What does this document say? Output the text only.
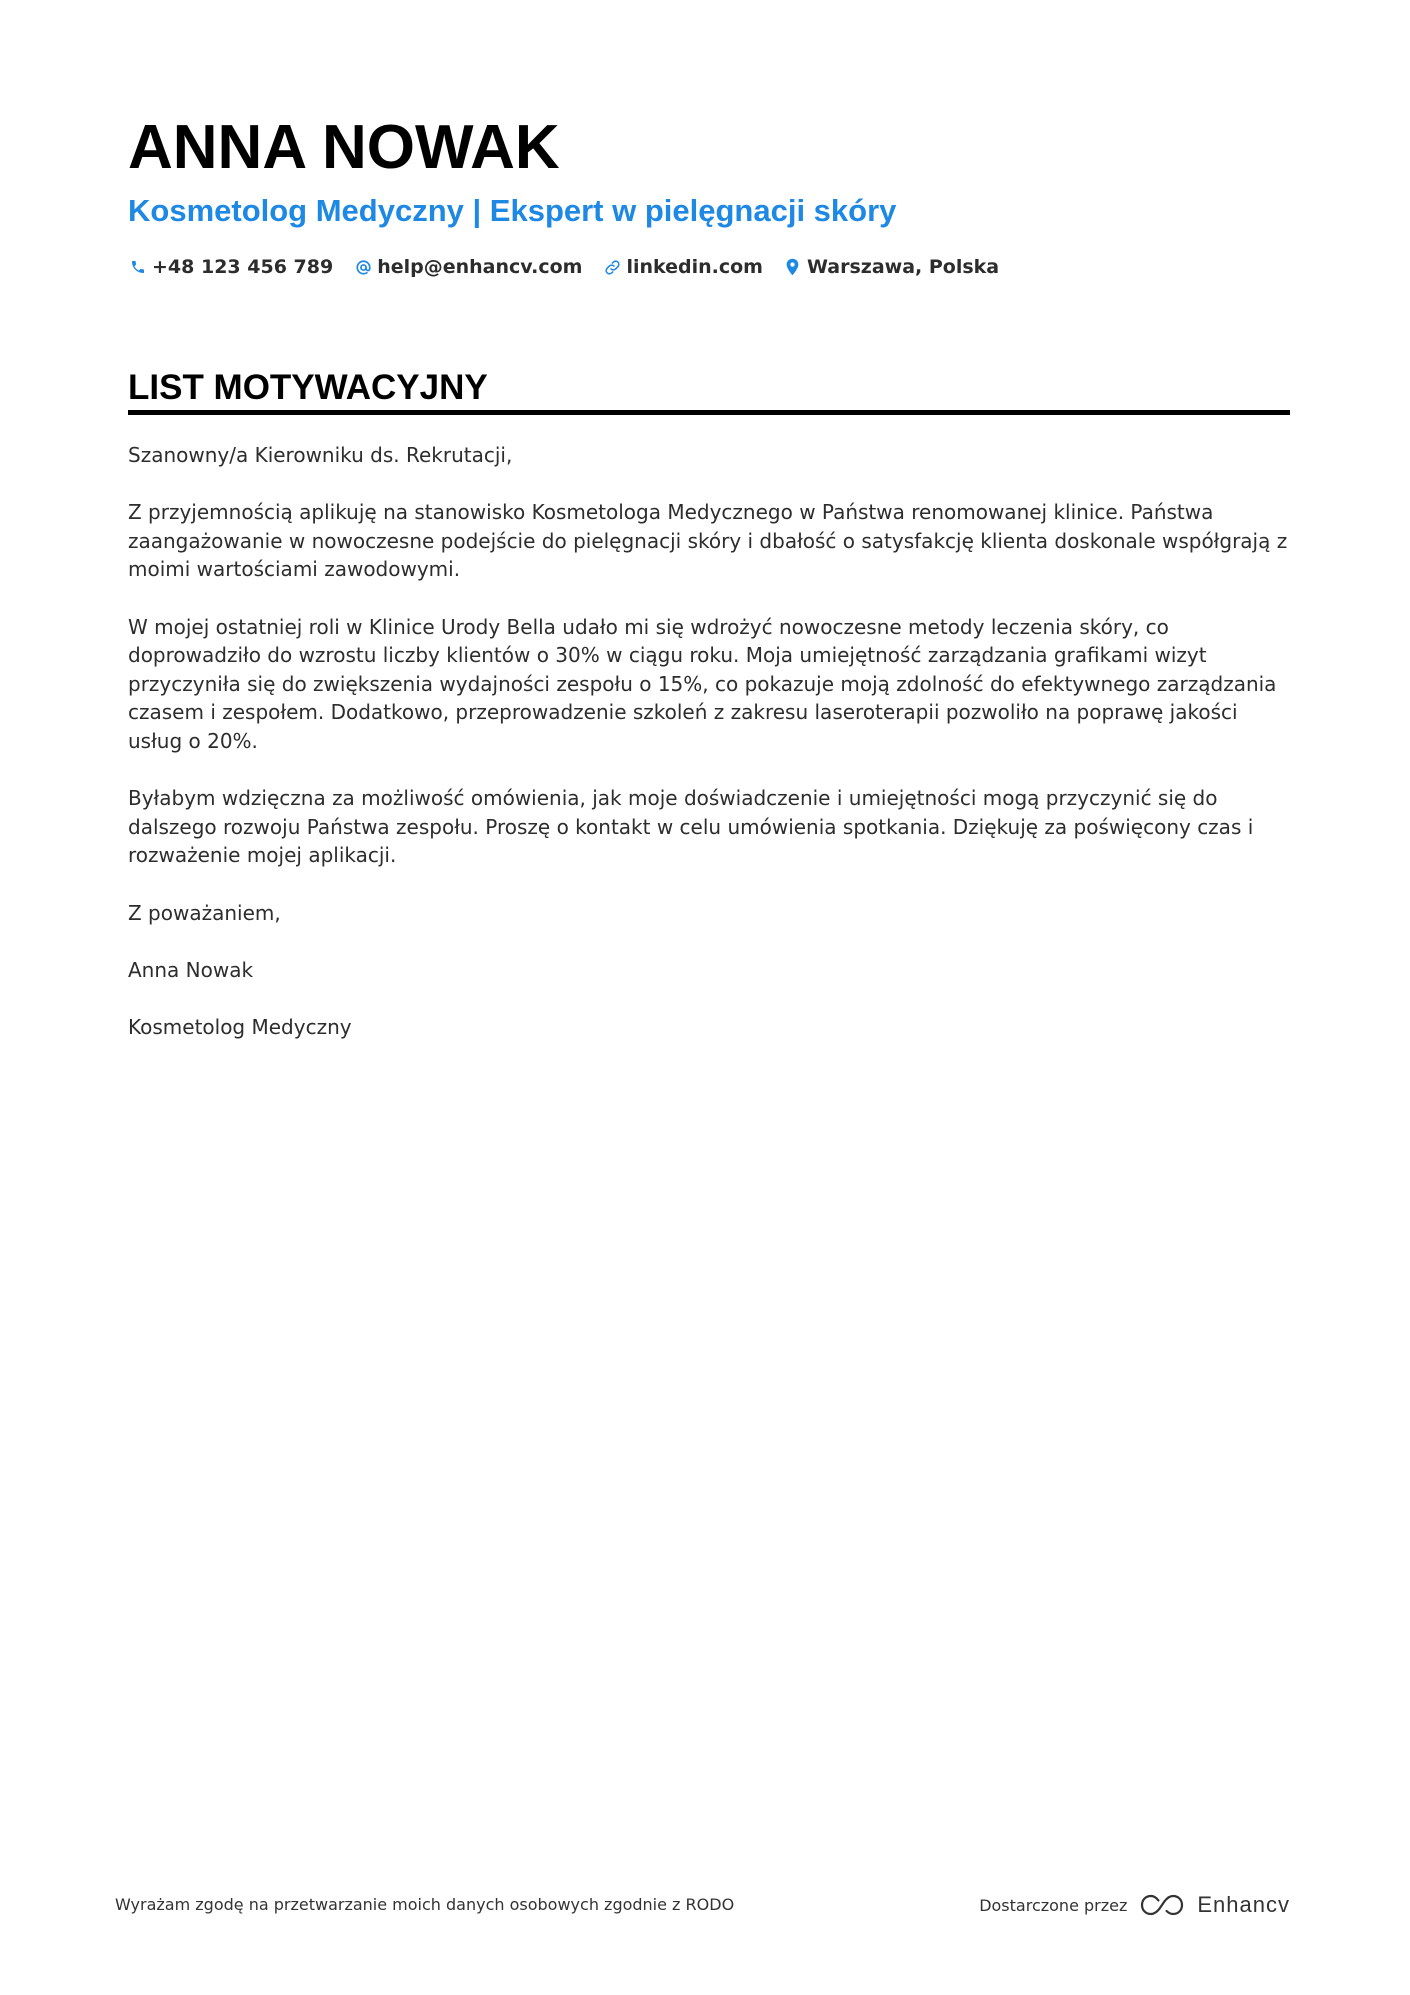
ANNA NOWAK
Kosmetolog Medyczny | Ekspert w pielęgnacji skóry
+48 123 456 789 help@enhancv.com linkedin.com Warszawa, Polska
LIST MOTYWACYJNY

Szanowny/a Kierowniku ds. Rekrutacji,

Z przyjemnością aplikuję na stanowisko Kosmetologa Medycznego w Państwa renomowanej klinice. Państwa zaangażowanie w nowoczesne podejście do pielęgnacji skóry i dbałość o satysfakcję klienta doskonale współgrają z moimi wartościami zawodowymi.

W mojej ostatniej roli w Klinice Urody Bella udało mi się wdrożyć nowoczesne metody leczenia skóry, co doprowadziło do wzrostu liczby klientów o 30% w ciągu roku. Moja umiejętność zarządzania grafikami wizyt przyczyniła się do zwiększenia wydajności zespołu o 15%, co pokazuje moją zdolność do efektywnego zarządzania czasem i zespołem. Dodatkowo, przeprowadzenie szkoleń z zakresu laseroterapii pozwoliło na poprawę jakości usług o 20%.

Byłabym wdzięczna za możliwość omówienia, jak moje doświadczenie i umiejętności mogą przyczynić się do dalszego rozwoju Państwa zespołu. Proszę o kontakt w celu umówienia spotkania. Dziękuję za poświęcony czas i rozważenie mojej aplikacji.

Z poważaniem,

Anna Nowak

Kosmetolog Medyczny

Wyrażam zgodę na przetwarzanie moich danych osobowych zgodnie z RODO	Dostarczone przez	Enhancv
